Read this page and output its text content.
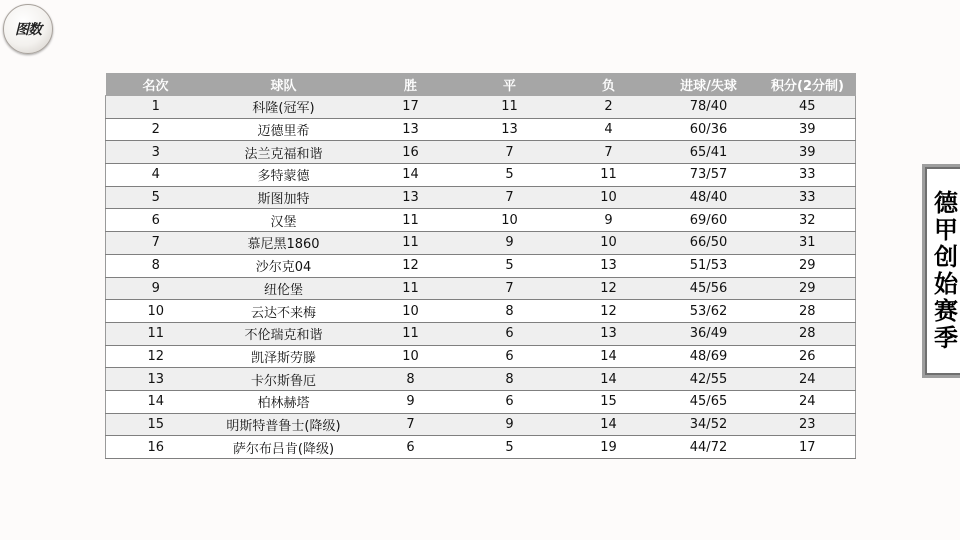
图数
名次	球队	胜	平	负	进球/失球	积分(2分制)
1	科隆(冠军)	17	11	2	78/40	45
2	迈德里希	13	13	4	60/36	39
3	法兰克福和谐	16	7	7	65/41	39
4	多特蒙德	14	5	11	73/57	33
5	斯图加特	13	7	10	48/40	33
6	汉堡	11	10	9	69/60	32
7	慕尼黑1860	11	9	10	66/50	31
8	沙尔克04	12	5	13	51/53	29
9	纽伦堡	11	7	12	45/56	29
10	云达不来梅	10	8	12	53/62	28
11	不伦瑞克和谐	11	6	13	36/49	28
12	凯泽斯劳滕	10	6	14	48/69	26
13	卡尔斯鲁厄	8	8	14	42/55	24
14	柏林赫塔	9	6	15	45/65	24
15	明斯特普鲁士(降级)	7	9	14	34/52	23
16	萨尔布吕肯(降级)	6	5	19	44/72	17
德甲创始赛季
